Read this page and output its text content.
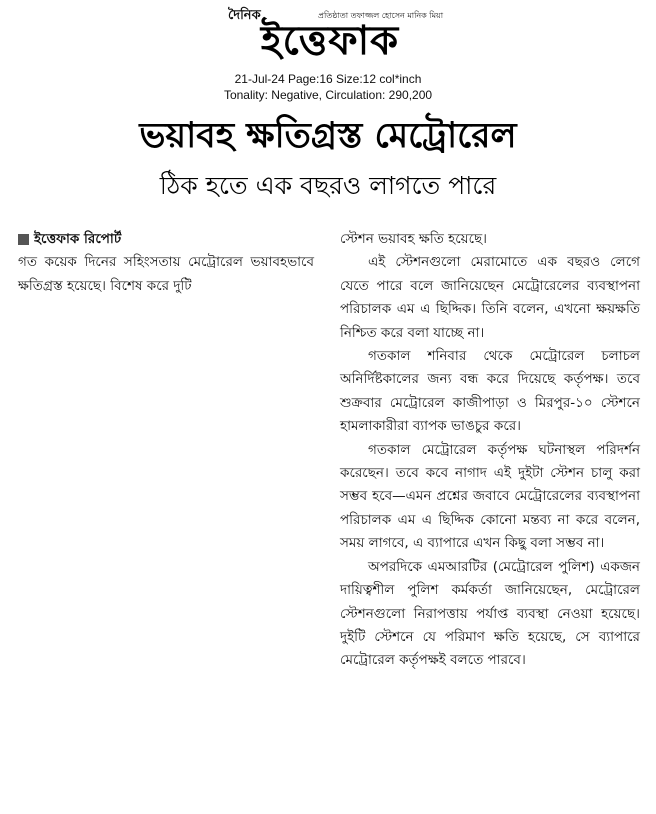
দৈনিক	প্রতিষ্ঠাতা তফাজ্জল হোসেন মানিক মিয়া
ইত্তেফাক
21-Jul-24 Page:16 Size:12 col*inch
Tonality: Negative, Circulation: 290,200
ভয়াবহ ক্ষতিগ্রস্ত মেট্রোরেল
ঠিক হতে এক বছরও লাগতে পারে
ইত্তেফাক রিপোর্ট

গত কয়েক দিনের সহিংসতায় মেট্রোরেল ভয়াবহভাবে ক্ষতিগ্রস্ত হয়েছে। বিশেষ করে দুটি

স্টেশন ভয়াবহ ক্ষতি হয়েছে।

এই স্টেশনগুলো মেরামোতে এক বছরও লেগে যেতে পারে বলে জানিয়েছেন মেট্রোরেলের ব্যবস্থাপনা পরিচালক এম এ ছিদ্দিক। তিনি বলেন, এখনো ক্ষয়ক্ষতি নিশ্চিত করে বলা যাচ্ছে না।

গতকাল শনিবার থেকে মেট্রোরেল চলাচল অনির্দিষ্টকালের জন্য বন্ধ করে দিয়েছে কর্তৃপক্ষ। তবে শুক্রবার মেট্রোরেল কাজীপাড়া ও মিরপুর-১০ স্টেশনে হামলাকারীরা ব্যাপক ভাঙচুর করে।

গতকাল মেট্রোরেল কর্তৃপক্ষ ঘটনাস্থল পরিদর্শন করেছেন। তবে কবে নাগাদ এই দুইটা স্টেশন চালু করা সম্ভব হবে—এমন প্রশ্নের জবাবে মেট্রোরেলের ব্যবস্থাপনা পরিচালক এম এ ছিদ্দিক কোনো মন্তব্য না করে বলেন, সময় লাগবে, এ ব্যাপারে এখন কিছু বলা সম্ভব না।

অপরদিকে এমআরটির (মেট্রোরেল পুলিশ) একজন দায়িত্বশীল পুলিশ কর্মকর্তা জানিয়েছেন, মেট্রোরেল স্টেশনগুলো নিরাপত্তায় পর্যাপ্ত ব্যবস্থা নেওয়া হয়েছে। দুইটি স্টেশনে যে পরিমাণ ক্ষতি হয়েছে, সে ব্যাপারে মেট্রোরেল কর্তৃপক্ষই বলতে পারবে।
